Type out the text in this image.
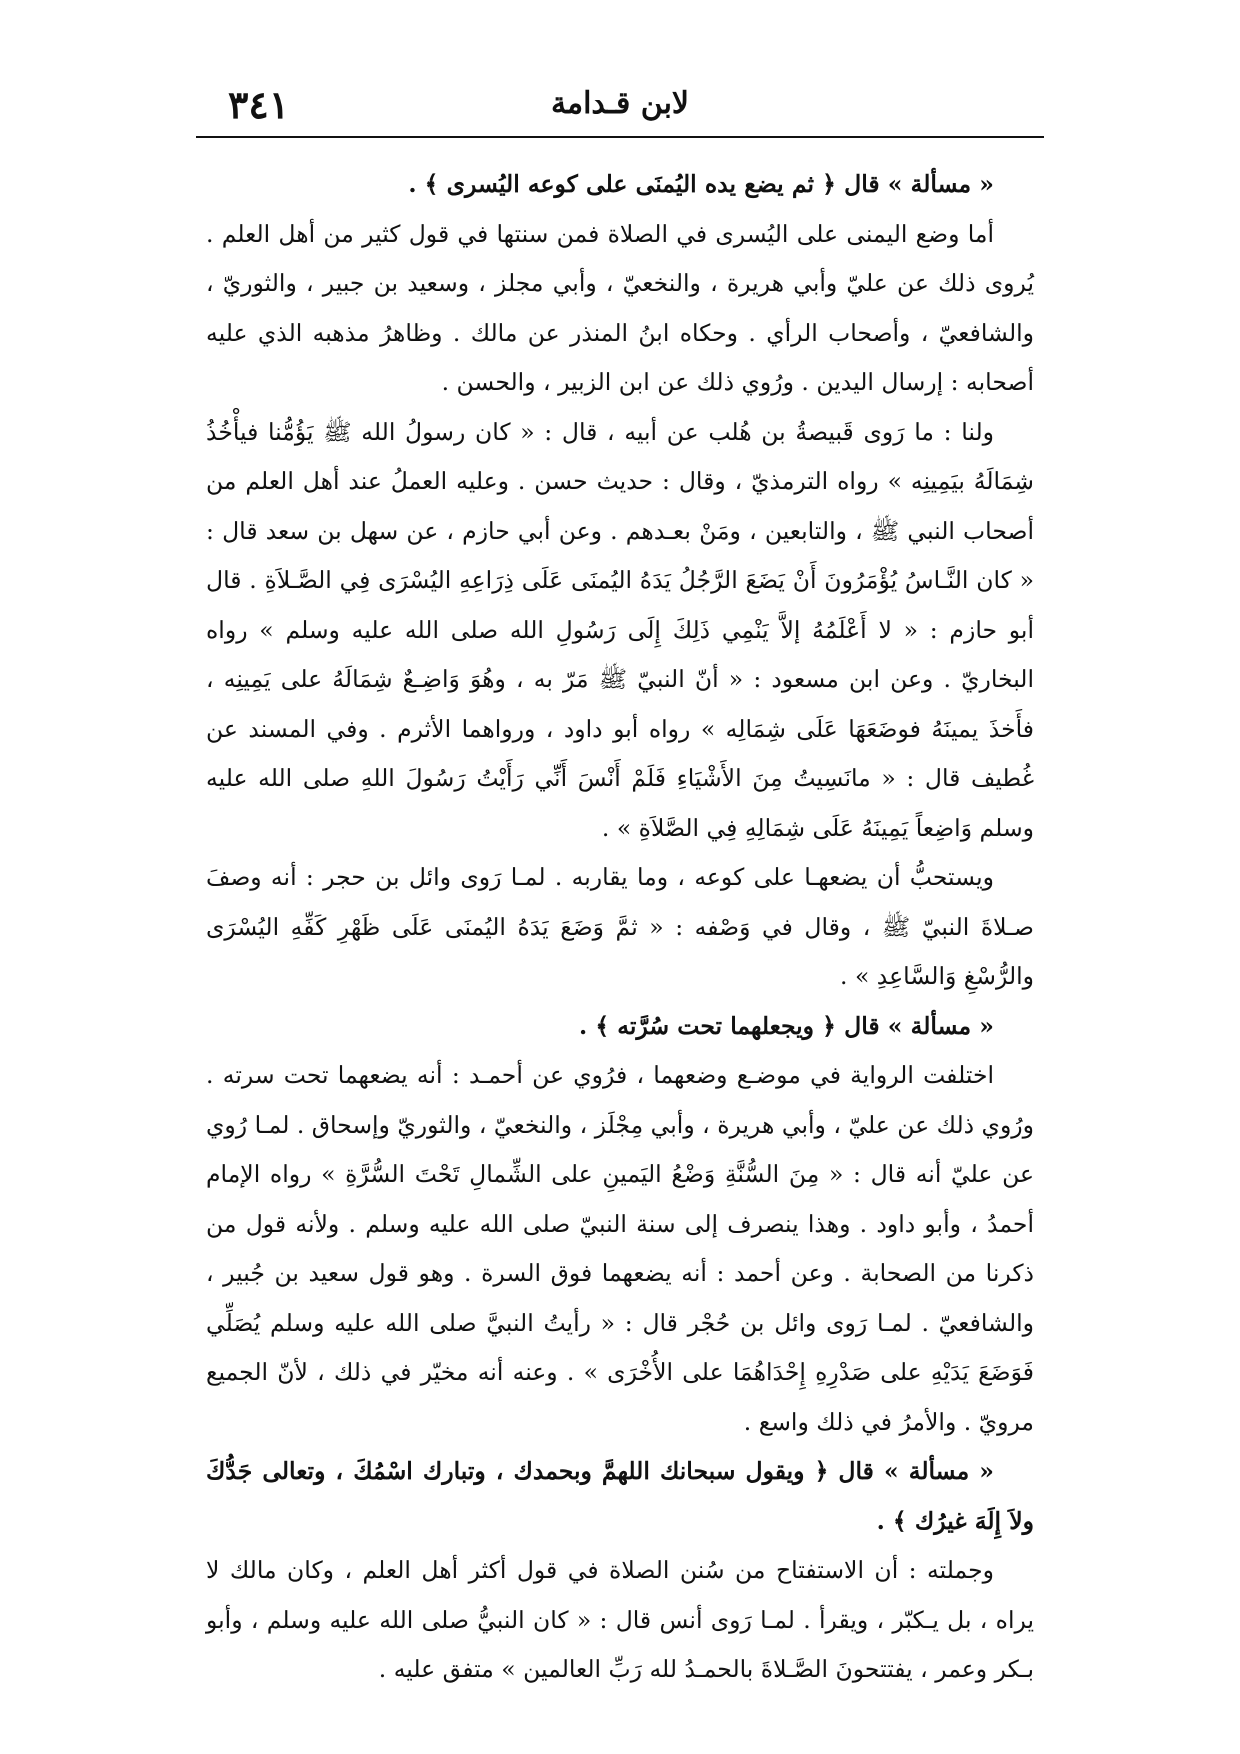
٣٤١	لابن قـدامة

« مسألة » قال ﴿ ثم يضع يده اليُمنَى على كوعه اليُسرى ﴾ .

أما وضع اليمنى على اليُسرى في الصلاة فمن سنتها في قول كثير من أهل العلم . يُروى ذلك عن عليّ وأبي هريرة ، والنخعيّ ، وأبي مجلز ، وسعيد بن جبير ، والثوريّ ، والشافعيّ ، وأصحاب الرأي . وحكاه ابنُ المنذر عن مالك . وظاهرُ مذهبه الذي عليه أصحابه : إرسال اليدين . ورُوي ذلك عن ابن الزبير ، والحسن .

ولنا : ما رَوى قَبيصةُ بن هُلب عن أبيه ، قال : « كان رسولُ الله ﷺ يَؤُمُّنا فيأْخُذُ شِمَالَهُ بيَمِينِه » رواه الترمذيّ ، وقال : حديث حسن . وعليه العملُ عند أهل العلم من أصحاب النبي ﷺ ، والتابعين ، ومَنْ بعـدهم . وعن أبي حازم ، عن سهل بن سعد قال : « كان النَّـاسُ يُؤْمَرُونَ أَنْ يَضَعَ الرَّجُلُ يَدَهُ اليُمنَى عَلَى ذِرَاعِهِ اليُسْرَى فِي الصَّـلاَةِ . قال أبو حازم : « لا أَعْلَمُهُ إلاَّ يَنْمِي ذَلِكَ إِلَى رَسُولِ الله صلى الله عليه وسلم » رواه البخاريّ . وعن ابن مسعود : « أنّ النبيّ ﷺ مَرّ به ، وهُوَ وَاضِـعٌ شِمَالَهُ على يَمِينِه ، فأَخذَ يمينَهُ فوضَعَهَا عَلَى شِمَالِه » رواه أبو داود ، ورواهما الأثرم . وفي المسند عن غُطيف قال : « مانَسِيتُ مِنَ الأَشْيَاءِ فَلَمْ أَنْسَ أَنِّي رَأَيْتُ رَسُولَ اللهِ صلى الله عليه وسلم وَاضِعاً يَمِينَهُ عَلَى شِمَالِهِ فِي الصَّلاَةِ » .

ويستحبُّ أن يضعهـا على كوعه ، وما يقاربه . لمـا رَوى وائل بن حجر : أنه وصفَ صـلاةَ النبيّ ﷺ ، وقال في وَصْفه : « ثمَّ وَضَعَ يَدَهُ اليُمنَى عَلَى ظَهْرِ كَفِّهِ اليُسْرَى والرُّسْغِ وَالسَّاعِدِ » .

« مسألة » قال ﴿ ويجعلهما تحت سُرَّته ﴾ .

اختلفت الرواية في موضـع وضعهما ، فرُوي عن أحمـد : أنه يضعهما تحت سرته . ورُوي ذلك عن عليّ ، وأبي هريرة ، وأبي مِجْلَز ، والنخعيّ ، والثوريّ وإسحاق . لمـا رُوي عن عليّ أنه قال : « مِنَ السُّنَّةِ وَضْعُ اليَمينِ على الشِّمالِ تَحْتَ السُّرَّةِ » رواه الإمام أحمدُ ، وأبو داود . وهذا ينصرف إلى سنة النبيّ صلى الله عليه وسلم . ولأنه قول من ذكرنا من الصحابة . وعن أحمد : أنه يضعهما فوق السرة . وهو قول سعيد بن جُبير ، والشافعيّ . لمـا رَوى وائل بن حُجْر قال : « رأيتُ النبيَّ صلى الله عليه وسلم يُصَلِّي فَوَضَعَ يَدَيْهِ على صَدْرِهِ إِحْدَاهُمَا على الأُخْرَى » . وعنه أنه مخيّر في ذلك ، لأنّ الجميع مرويّ . والأمرُ في ذلك واسع .

« مسألة » قال ﴿ ويقول سبحانك اللهمَّ وبحمدك ، وتبارك اسْمُكَ ، وتعالى جَدُّكَ ولاَ إِلَهَ غيرُك ﴾ .

وجملته : أن الاستفتاح من سُنن الصلاة في قول أكثر أهل العلم ، وكان مالك لا يراه ، بل يـكبّر ، ويقرأ . لمـا رَوى أنس قال : « كان النبيُّ صلى الله عليه وسلم ، وأبو بـكر وعمر ، يفتتحونَ الصَّـلاةَ بالحمـدُ لله رَبِّ العالمين » متفق عليه .
